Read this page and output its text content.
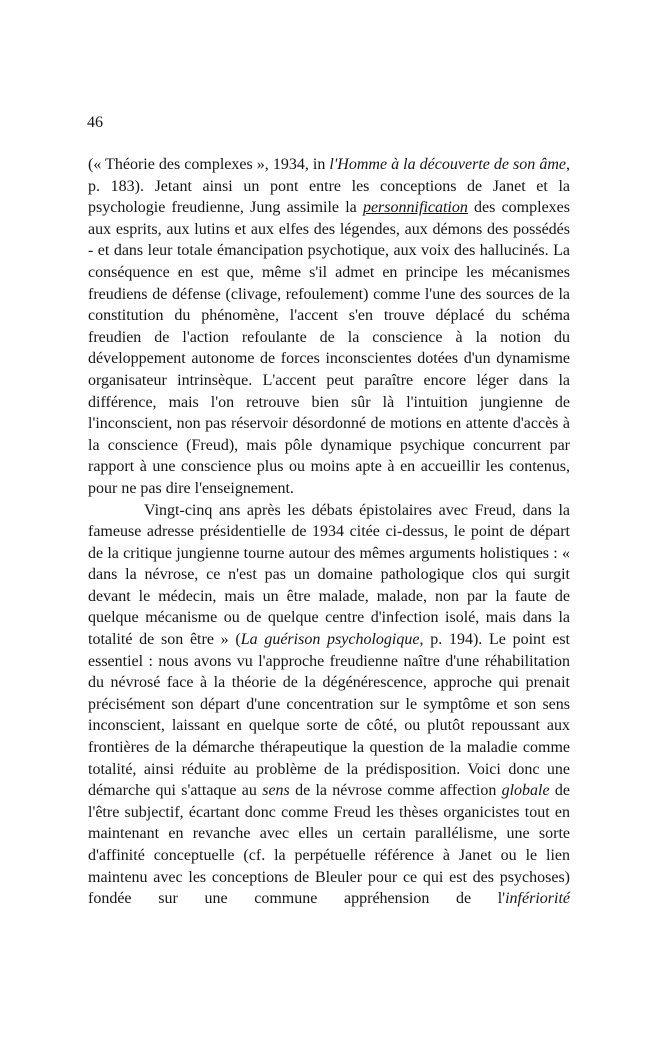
46

(« Théorie des complexes », 1934, in l'Homme à la découverte de son âme, p. 183). Jetant ainsi un pont entre les conceptions de Janet et la psychologie freudienne, Jung assimile la personnification des complexes aux esprits, aux lutins et aux elfes des légendes, aux démons des possédés - et dans leur totale émancipation psychotique, aux voix des hallucinés. La conséquence en est que, même s'il admet en principe les mécanismes freudiens de défense (clivage, refoulement) comme l'une des sources de la constitution du phénomène, l'accent s'en trouve déplacé du schéma freudien de l'action refoulante de la conscience à la notion du développement autonome de forces inconscientes dotées d'un dynamisme organisateur intrinsèque. L'accent peut paraître encore léger dans la différence, mais l'on retrouve bien sûr là l'intuition jungienne de l'inconscient, non pas réservoir désordonné de motions en attente d'accès à la conscience (Freud), mais pôle dynamique psychique concurrent par rapport à une conscience plus ou moins apte à en accueillir les contenus, pour ne pas dire l'enseignement.

Vingt-cinq ans après les débats épistolaires avec Freud, dans la fameuse adresse présidentielle de 1934 citée ci-dessus, le point de départ de la critique jungienne tourne autour des mêmes arguments holistiques : « dans la névrose, ce n'est pas un domaine pathologique clos qui surgit devant le médecin, mais un être malade, malade, non par la faute de quelque mécanisme ou de quelque centre d'infection isolé, mais dans la totalité de son être » (La guérison psychologique, p. 194). Le point est essentiel : nous avons vu l'approche freudienne naître d'une réhabilitation du névrosé face à la théorie de la dégénérescence, approche qui prenait précisément son départ d'une concentration sur le symptôme et son sens inconscient, laissant en quelque sorte de côté, ou plutôt repoussant aux frontières de la démarche thérapeutique la question de la maladie comme totalité, ainsi réduite au problème de la prédisposition. Voici donc une démarche qui s'attaque au sens de la névrose comme affection globale de l'être subjectif, écartant donc comme Freud les thèses organicistes tout en maintenant en revanche avec elles un certain parallélisme, une sorte d'affinité conceptuelle (cf. la perpétuelle référence à Janet ou le lien maintenu avec les conceptions de Bleuler pour ce qui est des psychoses) fondée sur une commune appréhension de l'infériorité
